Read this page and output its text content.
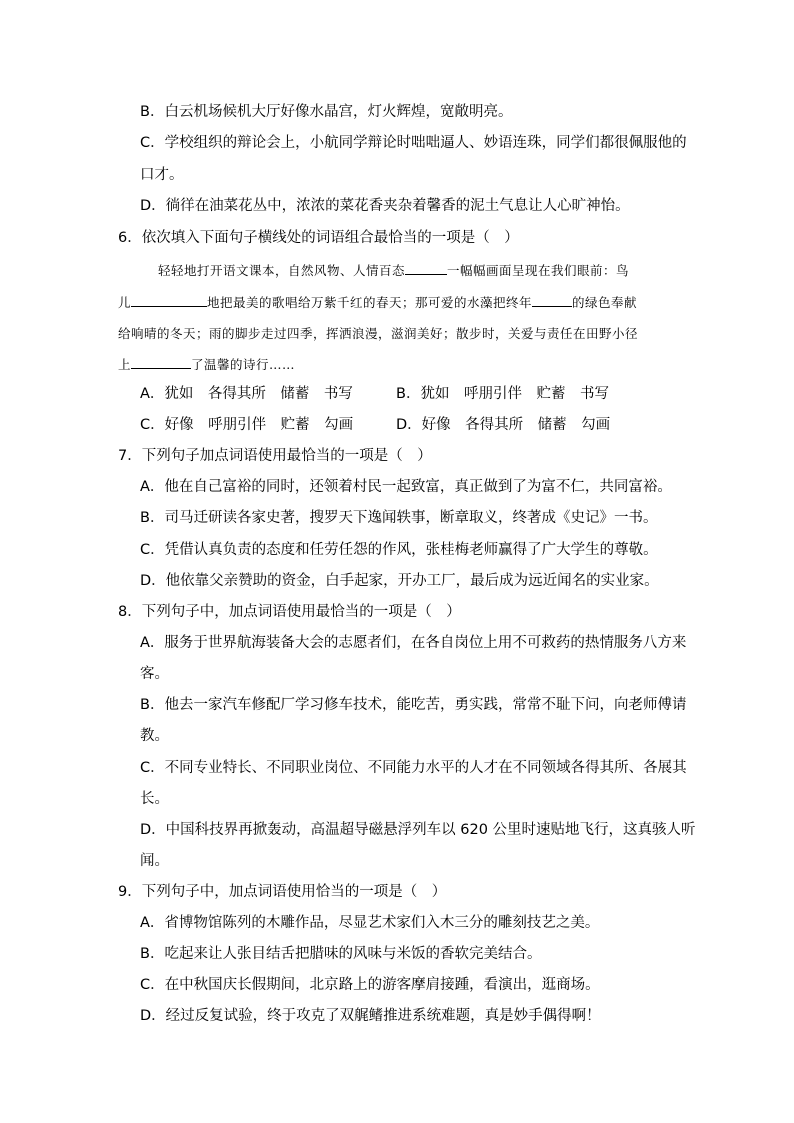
B．白云机场候机大厅好像水晶宫，灯火辉煌，宽敞明亮。
C．学校组织的辩论会上，小航同学辩论时咄咄逼人、妙语连珠，同学们都很佩服他的
口才。
D．徜徉在油菜花丛中，浓浓的菜花香夹杂着馨香的泥土气息让人心旷神怡。
6．依次填入下面句子横线处的词语组合最恰当的一项是（　）
轻轻地打开语文课本，自然风物、人情百态	一幅幅画面呈现在我们眼前：鸟
儿	地把最美的歌唱给万紫千红的春天；那可爱的水藻把终年	的绿色奉献
给响晴的冬天；雨的脚步走过四季，挥洒浪漫，滋润美好；散步时，关爱与责任在田野小径
上	了温馨的诗行……
A．犹如　各得其所　储蓄　书写	B．犹如　呼朋引伴　贮蓄　书写
C．好像　呼朋引伴　贮蓄　勾画	D．好像　各得其所　储蓄　勾画
7．下列句子加点词语使用最恰当的一项是（　）
A．他在自己富裕的同时，还领着村民一起致富，真正做到了为富不仁，共同富裕。
B．司马迁研读各家史著，搜罗天下逸闻轶事，断章取义，终著成《史记》一书。
C．凭借认真负责的态度和任劳任怨的作风，张桂梅老师赢得了广大学生的尊敬。
D．他依靠父亲赞助的资金，白手起家，开办工厂，最后成为远近闻名的实业家。
8．下列句子中，加点词语使用最恰当的一项是（　）
A．服务于世界航海装备大会的志愿者们，在各自岗位上用不可救药的热情服务八方来
客。
B．他去一家汽车修配厂学习修车技术，能吃苦，勇实践，常常不耻下问，向老师傅请
教。
C．不同专业特长、不同职业岗位、不同能力水平的人才在不同领域各得其所、各展其
长。
D．中国科技界再掀轰动，高温超导磁悬浮列车以 620 公里时速贴地飞行，这真骇人听
闻。
9．下列句子中，加点词语使用恰当的一项是（　）
A．省博物馆陈列的木雕作品，尽显艺术家们入木三分的雕刻技艺之美。
B．吃起来让人张目结舌把腊味的风味与米饭的香软完美结合。
C．在中秋国庆长假期间，北京路上的游客摩肩接踵，看演出，逛商场。
D．经过反复试验，终于攻克了双艉鳍推进系统难题，真是妙手偶得啊！
